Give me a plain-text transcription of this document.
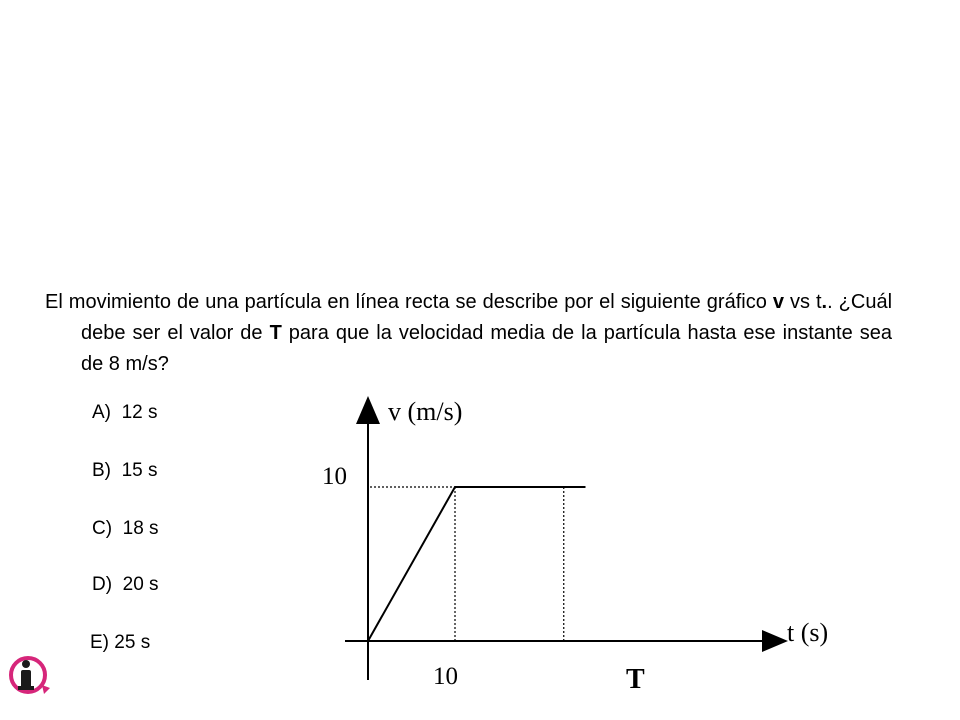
El movimiento de una partícula en línea recta se describe por el siguiente gráfico v vs t.. ¿Cuál debe ser el valor de T para que la velocidad media de la partícula hasta ese instante sea de 8 m/s?
A) 12 s
B) 15 s
C) 18 s
D) 20 s
E) 25 s
v (m/s)
t (s)
10
10	T
